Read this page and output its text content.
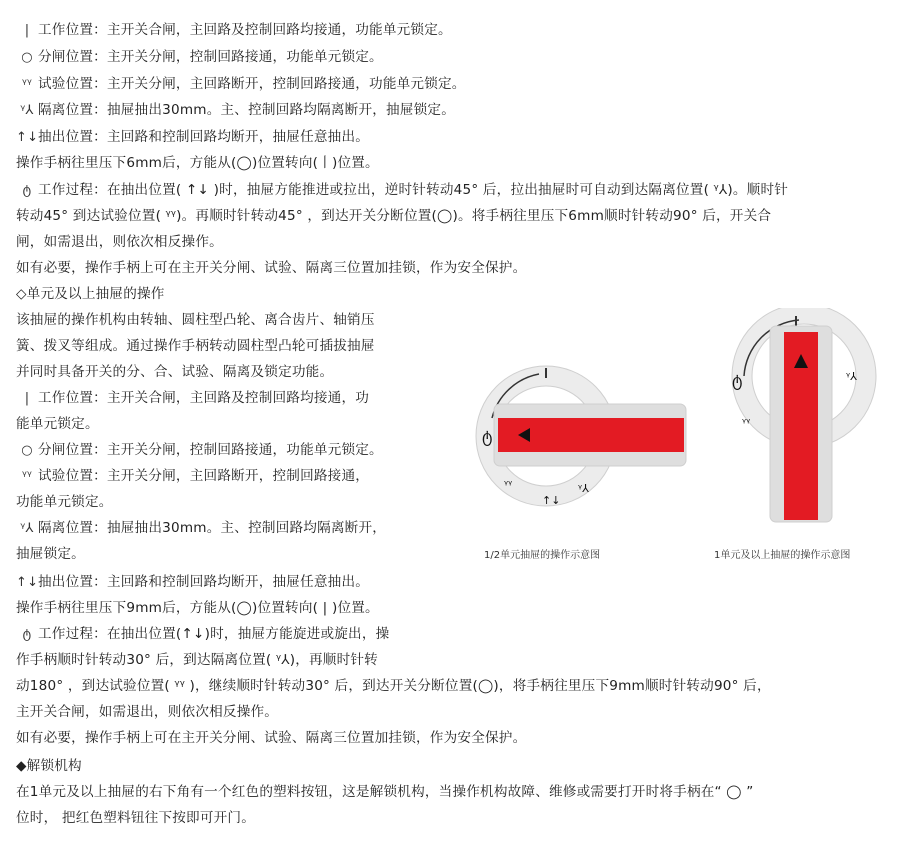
| 工作位置：主开关合闸，主回路及控制回路均接通，功能单元锁定。
○ 分闸位置：主开关分闸，控制回路接通，功能单元锁定。
ᵞᵞ 试验位置：主开关分闸，主回路断开，控制回路接通，功能单元锁定。
ᵞ⅄ 隔离位置：抽屉抽出30mm。主、控制回路均隔离断开，抽屉锁定。
↑↓抽出位置：主回路和控制回路均断开，抽屉任意抽出。
操作手柄往里压下6mm后，方能从(◯)位置转向(丨)位置。
ტ 工作过程：在抽出位置( ↑↓ )时，抽屉方能推进或拉出，逆时针转动45° 后，拉出抽屉时可自动到达隔离位置( ᵞ⅄)。顺时针
转动45° 到达试验位置( ᵞᵞ)。再顺时针转动45° ，到达开关分断位置(◯)。将手柄往里压下6mm顺时针转动90° 后，开关合
闸，如需退出，则依次相反操作。
如有必要，操作手柄上可在主开关分闸、试验、隔离三位置加挂锁，作为安全保护。
◇单元及以上抽屉的操作
该抽屉的操作机构由转轴、圆柱型凸轮、离合齿片、轴销压
簧、拨叉等组成。通过操作手柄转动圆柱型凸轮可插拔抽屉
并同时具备开关的分、合、试验、隔离及锁定功能。
| 工作位置：主开关合闸，主回路及控制回路均接通，功
能单元锁定。
○ 分闸位置：主开关分闸，控制回路接通，功能单元锁定。
ᵞᵞ 试验位置：主开关分闸，主回路断开，控制回路接通，
功能单元锁定。
ᵞ⅄ 隔离位置：抽屉抽出30mm。主、控制回路均隔离断开，
抽屉锁定。
↑↓抽出位置：主回路和控制回路均断开，抽屉任意抽出。
操作手柄往里压下9mm后，方能从(◯)位置转向( | )位置。
ტ 工作过程：在抽出位置(↑↓)时，抽屉方能旋进或旋出，操
作手柄顺时针转动30° 后，到达隔离位置( ᵞ⅄)，再顺时针转
动180° ，到达试验位置( ᵞᵞ )，继续顺时针转动30° 后，到达开关分断位置(◯)，将手柄往里压下9mm顺时针转动90° 后，
主开关合闸，如需退出，则依次相反操作。
如有必要，操作手柄上可在主开关分闸、试验、隔离三位置加挂锁，作为安全保护。
◆解锁机构
在1单元及以上抽屉的右下角有一个红色的塑料按钮，这是解锁机构，当操作机构故障、维修或需要打开时将手柄在“ ◯ ”
位时， 把红色塑料钮往下按即可开门。
ტ
ᵞᵞ
↑↓
ᵞ⅄
ტ
ᵞᵞ
ᵞ⅄
1/2单元抽屉的操作示意图	1单元及以上抽屉的操作示意图
